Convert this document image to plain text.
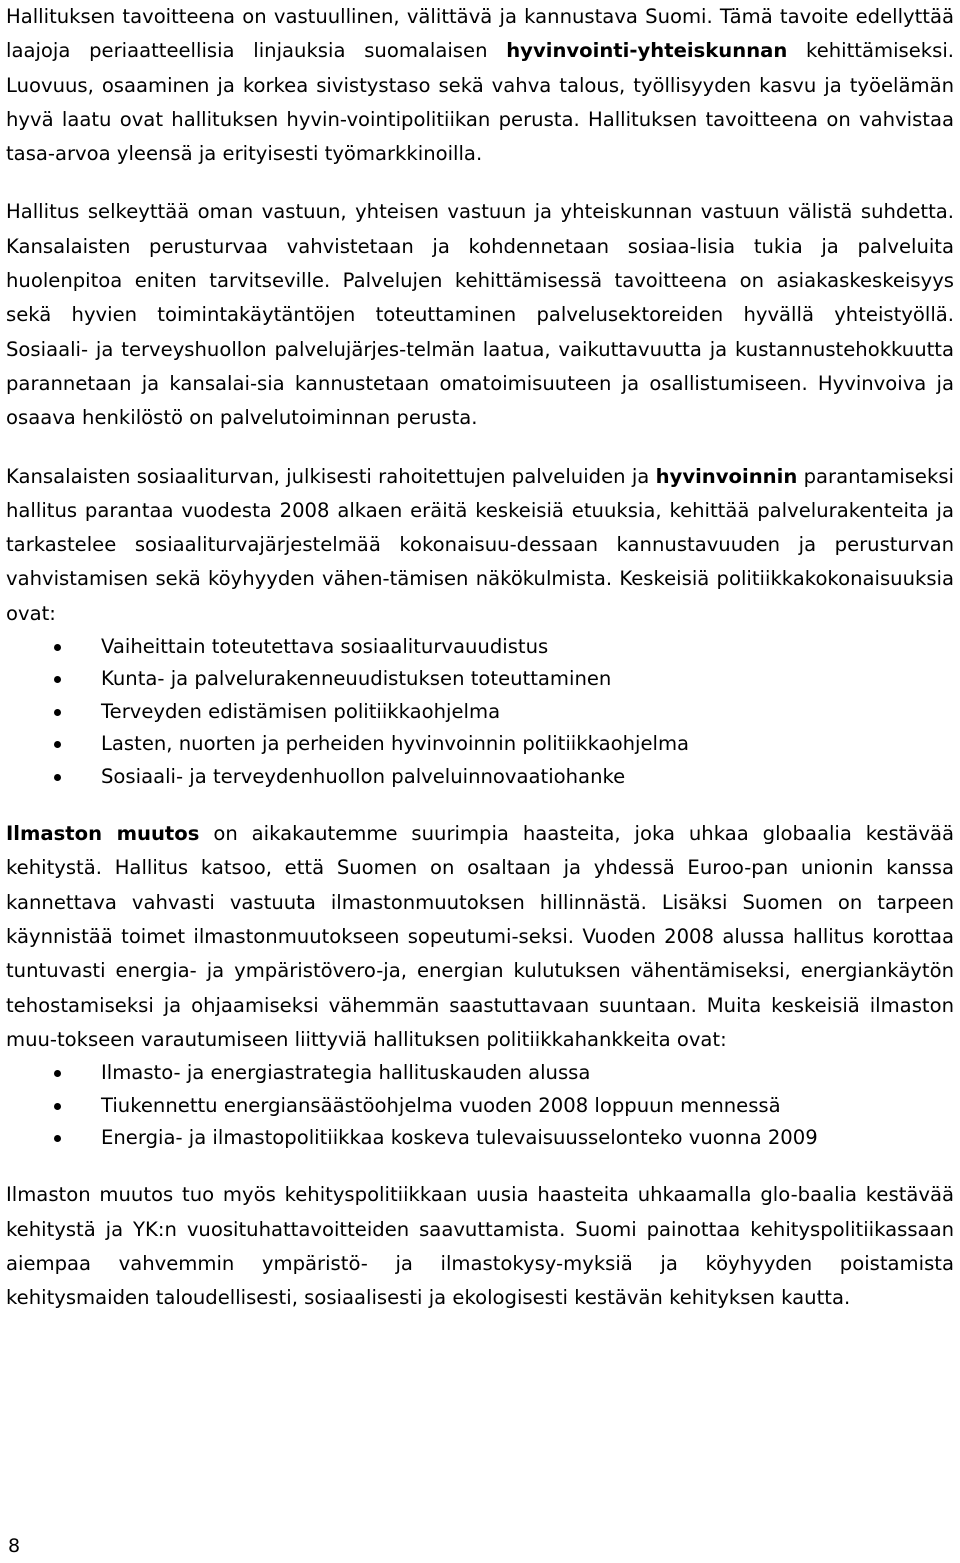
Hallituksen tavoitteena on vastuullinen, välittävä ja kannustava Suomi. Tämä tavoite edellyttää laajoja periaatteellisia linjauksia suomalaisen hyvinvointi-yhteiskunnan kehittämiseksi. Luovuus, osaaminen ja korkea sivistystaso sekä vahva talous, työllisyyden kasvu ja työelämän hyvä laatu ovat hallituksen hyvin-vointipolitiikan perusta. Hallituksen tavoitteena on vahvistaa tasa-arvoa yleensä ja erityisesti työmarkkinoilla.

Hallitus selkeyttää oman vastuun, yhteisen vastuun ja yhteiskunnan vastuun välistä suhdetta. Kansalaisten perusturvaa vahvistetaan ja kohdennetaan sosiaa-lisia tukia ja palveluita huolenpitoa eniten tarvitseville. Palvelujen kehittämisessä tavoitteena on asiakaskeskeisyys sekä hyvien toimintakäytäntöjen toteuttaminen palvelusektoreiden hyvällä yhteistyöllä. Sosiaali- ja terveyshuollon palvelujärjes-telmän laatua, vaikuttavuutta ja kustannustehokkuutta parannetaan ja kansalai-sia kannustetaan omatoimisuuteen ja osallistumiseen. Hyvinvoiva ja osaava henkilöstö on palvelutoiminnan perusta.

Kansalaisten sosiaaliturvan, julkisesti rahoitettujen palveluiden ja hyvinvoinnin parantamiseksi hallitus parantaa vuodesta 2008 alkaen eräitä keskeisiä etuuksia, kehittää palvelurakenteita ja tarkastelee sosiaaliturvajärjestelmää kokonaisuu-dessaan kannustavuuden ja perusturvan vahvistamisen sekä köyhyyden vähen-tämisen näkökulmista. Keskeisiä politiikkakokonaisuuksia ovat:

Vaiheittain toteutettava sosiaaliturvauudistus
Kunta- ja palvelurakenneuudistuksen toteuttaminen
Terveyden edistämisen politiikkaohjelma
Lasten, nuorten ja perheiden hyvinvoinnin politiikkaohjelma
Sosiaali- ja terveydenhuollon palveluinnovaatiohanke

Ilmaston muutos on aikakautemme suurimpia haasteita, joka uhkaa globaalia kestävää kehitystä. Hallitus katsoo, että Suomen on osaltaan ja yhdessä Euroo-pan unionin kanssa kannettava vahvasti vastuuta ilmastonmuutoksen hillinnästä. Lisäksi Suomen on tarpeen käynnistää toimet ilmastonmuutokseen sopeutumi-seksi. Vuoden 2008 alussa hallitus korottaa tuntuvasti energia- ja ympäristövero-ja, energian kulutuksen vähentämiseksi, energiankäytön tehostamiseksi ja ohjaamiseksi vähemmän saastuttavaan suuntaan. Muita keskeisiä ilmaston muu-tokseen varautumiseen liittyviä hallituksen politiikkahankkeita ovat:

Ilmasto- ja energiastrategia hallituskauden alussa
Tiukennettu energiansäästöohjelma vuoden 2008 loppuun mennessä
Energia- ja ilmastopolitiikkaa koskeva tulevaisuusselonteko vuonna 2009

Ilmaston muutos tuo myös kehityspolitiikkaan uusia haasteita uhkaamalla glo-baalia kestävää kehitystä ja YK:n vuosituhattavoitteiden saavuttamista. Suomi painottaa kehityspolitiikassaan aiempaa vahvemmin ympäristö- ja ilmastokysy-myksiä ja köyhyyden poistamista kehitysmaiden taloudellisesti, sosiaalisesti ja ekologisesti kestävän kehityksen kautta.

8
